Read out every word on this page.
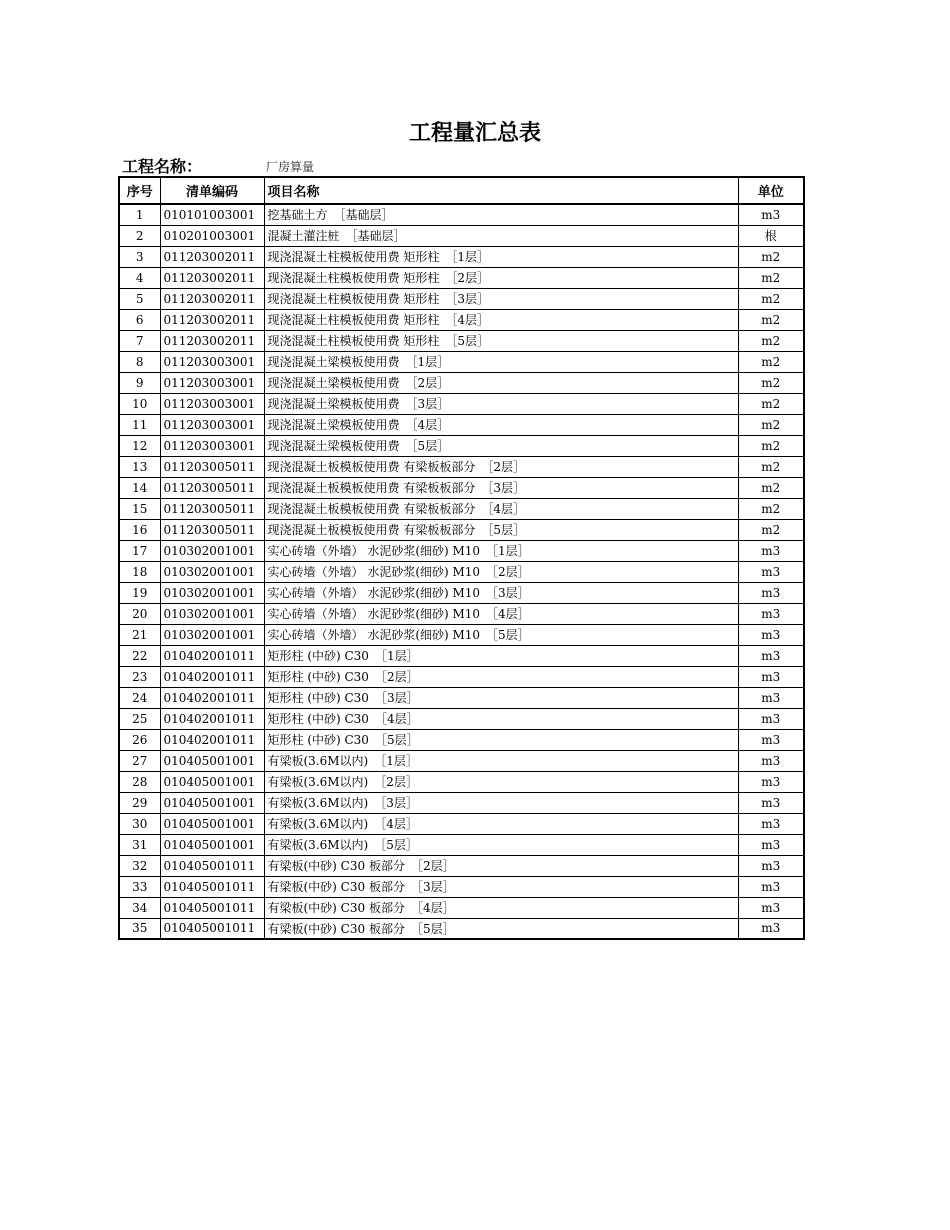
工程量汇总表
工程名称：	厂房算量
序号	清单编码	项目名称	单位
1	010101003001	挖基础土方　［基础层］	m3
2	010201003001	混凝土灌注桩　［基础层］	根
3	011203002011	现浇混凝土柱模板使用费 矩形柱　［1层］	m2
4	011203002011	现浇混凝土柱模板使用费 矩形柱　［2层］	m2
5	011203002011	现浇混凝土柱模板使用费 矩形柱　［3层］	m2
6	011203002011	现浇混凝土柱模板使用费 矩形柱　［4层］	m2
7	011203002011	现浇混凝土柱模板使用费 矩形柱　［5层］	m2
8	011203003001	现浇混凝土梁模板使用费　［1层］	m2
9	011203003001	现浇混凝土梁模板使用费　［2层］	m2
10	011203003001	现浇混凝土梁模板使用费　［3层］	m2
11	011203003001	现浇混凝土梁模板使用费　［4层］	m2
12	011203003001	现浇混凝土梁模板使用费　［5层］	m2
13	011203005011	现浇混凝土板模板使用费 有梁板板部分　［2层］	m2
14	011203005011	现浇混凝土板模板使用费 有梁板板部分　［3层］	m2
15	011203005011	现浇混凝土板模板使用费 有梁板板部分　［4层］	m2
16	011203005011	现浇混凝土板模板使用费 有梁板板部分　［5层］	m2
17	010302001001	实心砖墙（外墙） 水泥砂浆(细砂) M10　［1层］	m3
18	010302001001	实心砖墙（外墙） 水泥砂浆(细砂) M10　［2层］	m3
19	010302001001	实心砖墙（外墙） 水泥砂浆(细砂) M10　［3层］	m3
20	010302001001	实心砖墙（外墙） 水泥砂浆(细砂) M10　［4层］	m3
21	010302001001	实心砖墙（外墙） 水泥砂浆(细砂) M10　［5层］	m3
22	010402001011	矩形柱 (中砂) C30　［1层］	m3
23	010402001011	矩形柱 (中砂) C30　［2层］	m3
24	010402001011	矩形柱 (中砂) C30　［3层］	m3
25	010402001011	矩形柱 (中砂) C30　［4层］	m3
26	010402001011	矩形柱 (中砂) C30　［5层］	m3
27	010405001001	有梁板(3.6M以内)　［1层］	m3
28	010405001001	有梁板(3.6M以内)　［2层］	m3
29	010405001001	有梁板(3.6M以内)　［3层］	m3
30	010405001001	有梁板(3.6M以内)　［4层］	m3
31	010405001001	有梁板(3.6M以内)　［5层］	m3
32	010405001011	有梁板(中砂) C30 板部分　［2层］	m3
33	010405001011	有梁板(中砂) C30 板部分　［3层］	m3
34	010405001011	有梁板(中砂) C30 板部分　［4层］	m3
35	010405001011	有梁板(中砂) C30 板部分　［5层］	m3
